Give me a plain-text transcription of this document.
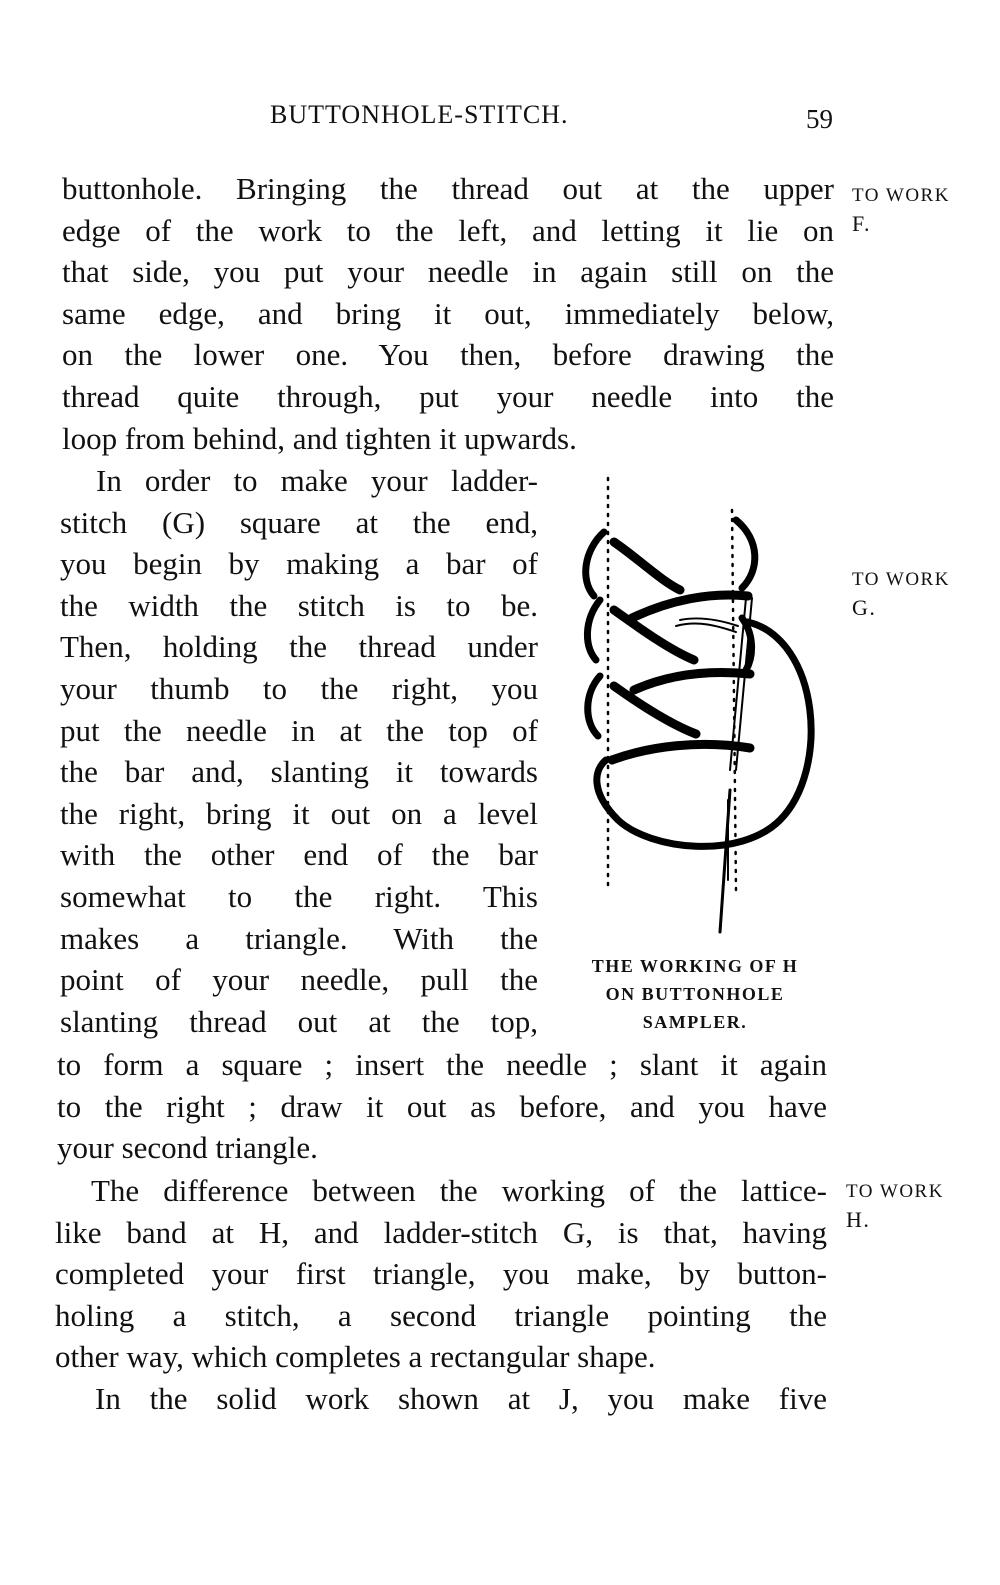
BUTTONHOLE-STITCH.	59
buttonhole. Bringing the thread out at the upper
edge of the work to the left, and letting it lie on
that side, you put your needle in again still on the
same edge, and bring it out, immediately below,
on the lower one. You then, before drawing the
thread quite through, put your needle into the
loop from behind, and tighten it upwards.
In order to make your ladder-
stitch (G) square at the end,
you begin by making a bar of
the width the stitch is to be.
Then, holding the thread under
your thumb to the right, you
put the needle in at the top of
the bar and, slanting it towards
the right, bring it out on a level
with the other end of the bar
somewhat to the right. This
makes a triangle. With the
point of your needle, pull the
slanting thread out at the top,
to form a square ; insert the needle ; slant it again
to the right ; draw it out as before, and you have
your second triangle.
The difference between the working of the lattice-
like band at H, and ladder-stitch G, is that, having
completed your first triangle, you make, by button-
holing a stitch, a second triangle pointing the
other way, which completes a rectangular shape.
In the solid work shown at J, you make five
TO WORK
F.
TO WORK
G.
TO WORK
H.
THE WORKING OF H
ON BUTTONHOLE
SAMPLER.
